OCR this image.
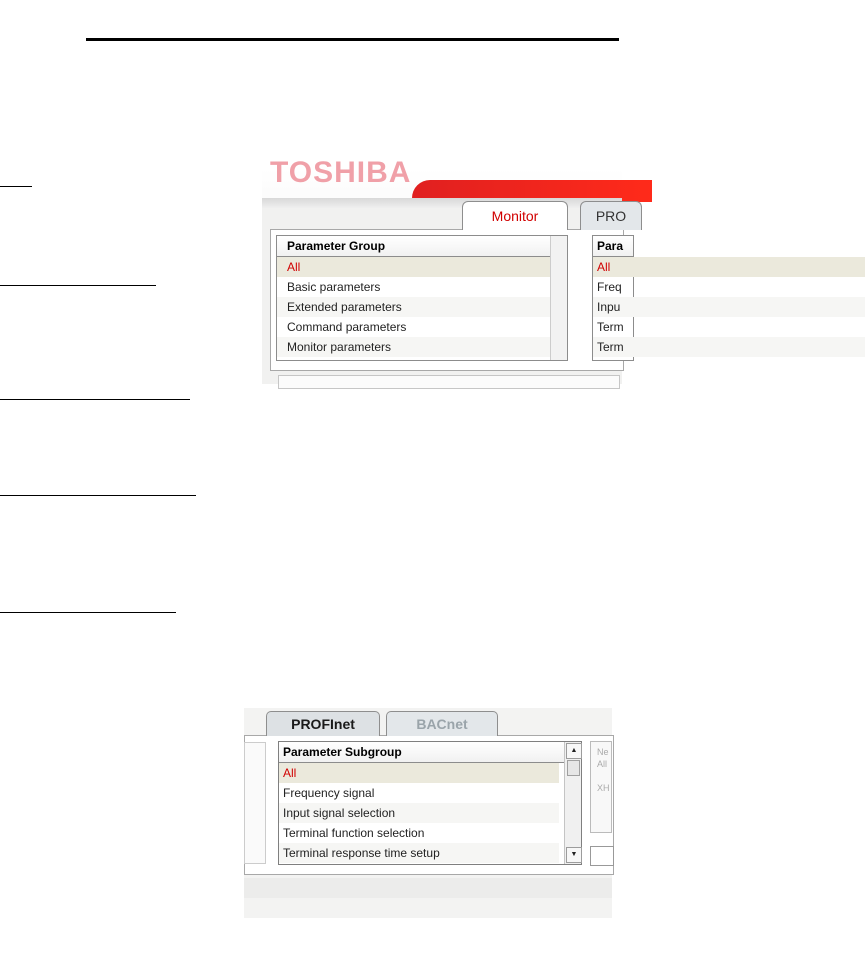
TOSHIBA
Monitor	PRO
Parameter Group
All
Basic parameters
Extended parameters
Command parameters
Monitor parameters
Para
All
Freq
Inpu
Term
Term
PROFInet	BACnet
Parameter Subgroup
All
Frequency signal
Input signal selection
Terminal function selection
Terminal response time setup
▲
▼
Ne
All

XH
